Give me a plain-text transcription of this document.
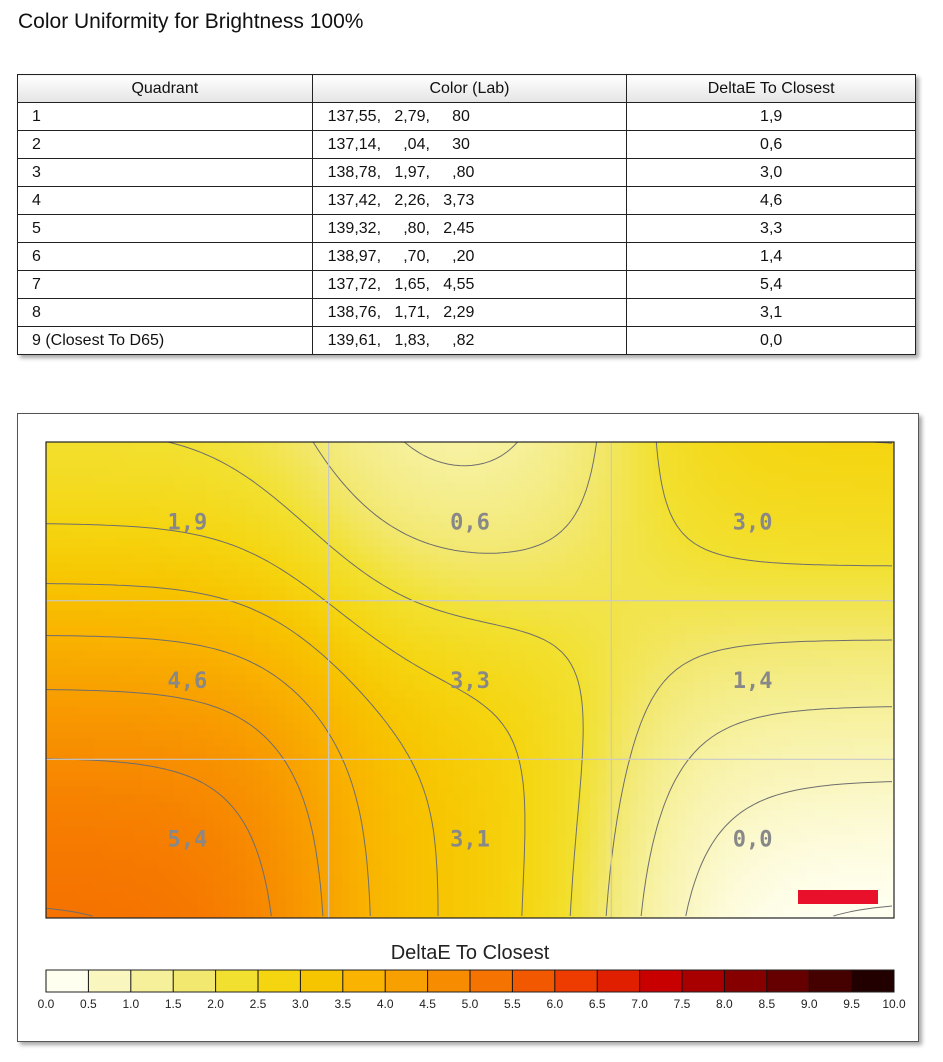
Color Uniformity for Brightness 100%
Quadrant	Color (Lab)	DeltaE To Closest
1	137,55,   2,79,     80	1,9
2	137,14,     ,04,     30	0,6
3	138,78,   1,97,     ,80	3,0
4	137,42,   2,26,   3,73	4,6
5	139,32,     ,80,   2,45	3,3
6	138,97,     ,70,     ,20	1,4
7	137,72,   1,65,   4,55	5,4
8	138,76,   1,71,   2,29	3,1
9 (Closest To D65)	139,61,   1,83,     ,82	0,0
1,9	0,6	3,0
4,6	3,3	1,4
5,4	3,1	0,0
DeltaE To Closest
0.0 0.5 1.0 1.5 2.0 2.5 3.0 3.5 4.0 4.5 5.0 5.5 6.0 6.5 7.0 7.5 8.0 8.5 9.0 9.5 10.0
